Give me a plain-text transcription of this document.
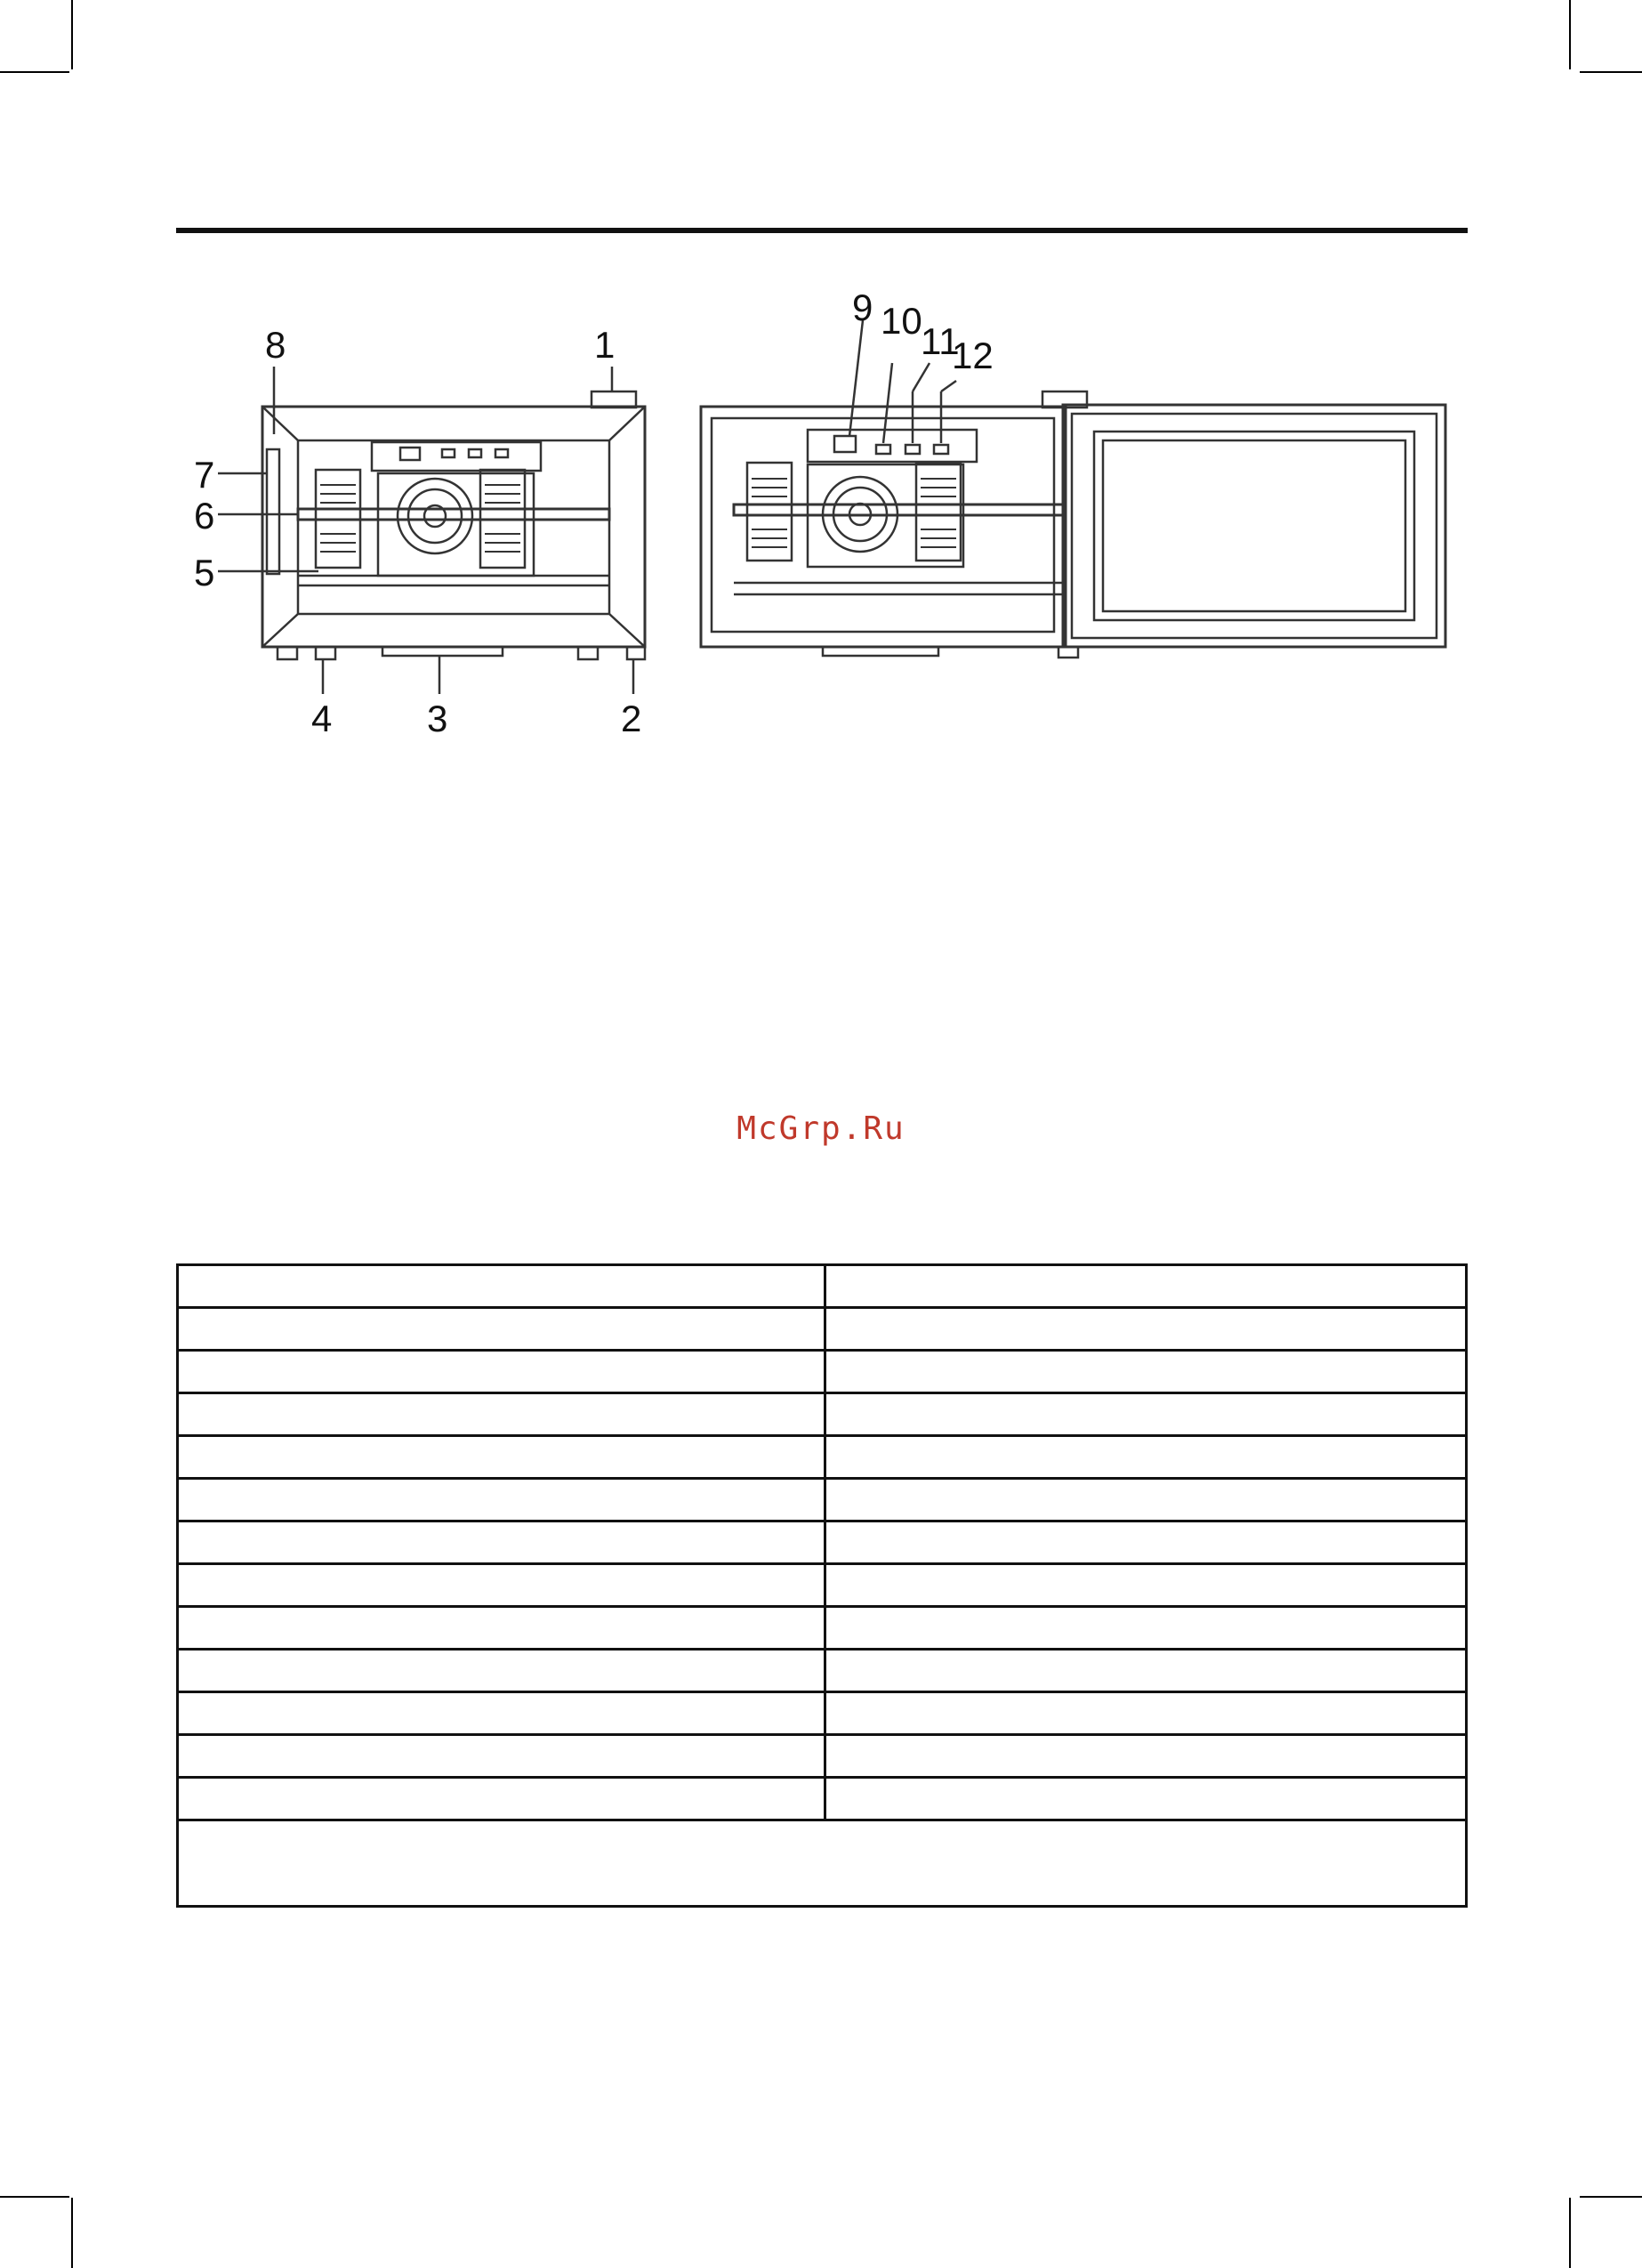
1
2
3
4
5
6
7
8
9 10
11
12
McGrp.Ru
